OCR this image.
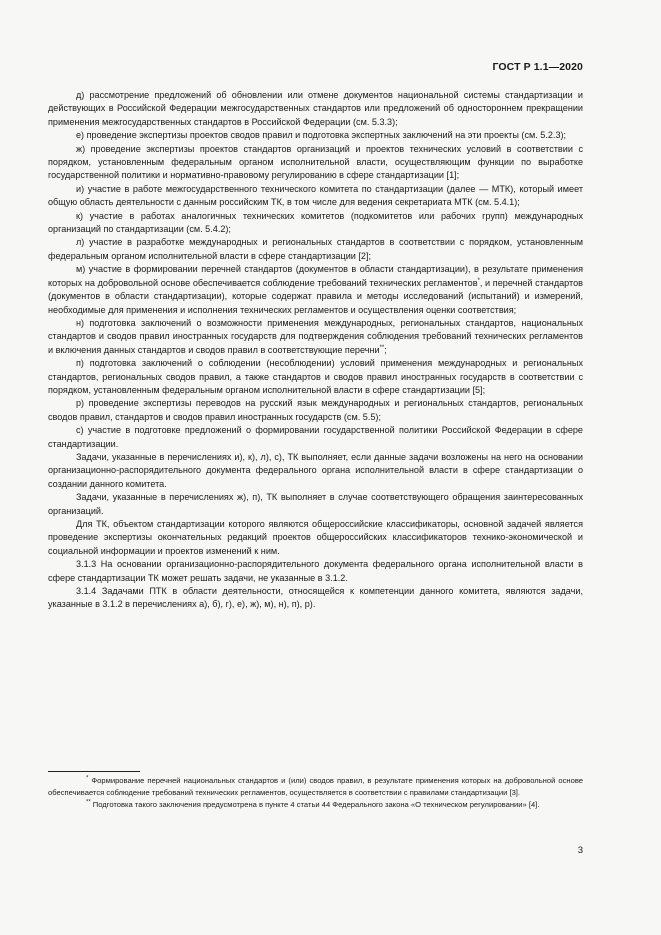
ГОСТ Р 1.1—2020

д) рассмотрение предложений об обновлении или отмене документов национальной системы стандартизации и действующих в Российской Федерации межгосударственных стандартов или предложений об одностороннем прекращении применения межгосударственных стандартов в Российской Федерации (см. 5.3.3);

е) проведение экспертизы проектов сводов правил и подготовка экспертных заключений на эти проекты (см. 5.2.3);

ж) проведение экспертизы проектов стандартов организаций и проектов технических условий в соответствии с порядком, установленным федеральным органом исполнительной власти, осуществляющим функции по выработке государственной политики и нормативно-правовому регулированию в сфере стандартизации [1];

и) участие в работе межгосударственного технического комитета по стандартизации (далее — МТК), который имеет общую область деятельности с данным российским ТК, в том числе для ведения секретариата МТК (см. 5.4.1);

к) участие в работах аналогичных технических комитетов (подкомитетов или рабочих групп) международных организаций по стандартизации (см. 5.4.2);

л) участие в разработке международных и региональных стандартов в соответствии с порядком, установленным федеральным органом исполнительной власти в сфере стандартизации [2];

м) участие в формировании перечней стандартов (документов в области стандартизации), в результате применения которых на добровольной основе обеспечивается соблюдение требований технических регламентов*, и перечней стандартов (документов в области стандартизации), которые содержат правила и методы исследований (испытаний) и измерений, необходимые для применения и исполнения технических регламентов и осуществления оценки соответствия;

н) подготовка заключений о возможности применения международных, региональных стандартов, национальных стандартов и сводов правил иностранных государств для подтверждения соблюдения требований технических регламентов и включения данных стандартов и сводов правил в соответствующие перечни**;

п) подготовка заключений о соблюдении (несоблюдении) условий применения международных и региональных стандартов, региональных сводов правил, а также стандартов и сводов правил иностранных государств в соответствии с порядком, установленным федеральным органом исполнительной власти в сфере стандартизации [5];

р) проведение экспертизы переводов на русский язык международных и региональных стандартов, региональных сводов правил, стандартов и сводов правил иностранных государств (см. 5.5);

с) участие в подготовке предложений о формировании государственной политики Российской Федерации в сфере стандартизации.

Задачи, указанные в перечислениях и), к), л), с), ТК выполняет, если данные задачи возложены на него на основании организационно-распорядительного документа федерального органа исполнительной власти в сфере стандартизации о создании данного комитета.

Задачи, указанные в перечислениях ж), п), ТК выполняет в случае соответствующего обращения заинтересованных организаций.

Для ТК, объектом стандартизации которого являются общероссийские классификаторы, основной задачей является проведение экспертизы окончательных редакций проектов общероссийских классификаторов технико-экономической и социальной информации и проектов изменений к ним.

3.1.3 На основании организационно-распорядительного документа федерального органа исполнительной власти в сфере стандартизации ТК может решать задачи, не указанные в 3.1.2.

3.1.4 Задачами ПТК в области деятельности, относящейся к компетенции данного комитета, являются задачи, указанные в 3.1.2 в перечислениях а), б), г), е), ж), м), н), п), р).

* Формирование перечней национальных стандартов и (или) сводов правил, в результате применения которых на добровольной основе обеспечивается соблюдение требований технических регламентов, осуществляется в соответствии с правилами стандартизации [3].

** Подготовка такого заключения предусмотрена в пункте 4 статьи 44 Федерального закона «О техническом регулировании» [4].

3
